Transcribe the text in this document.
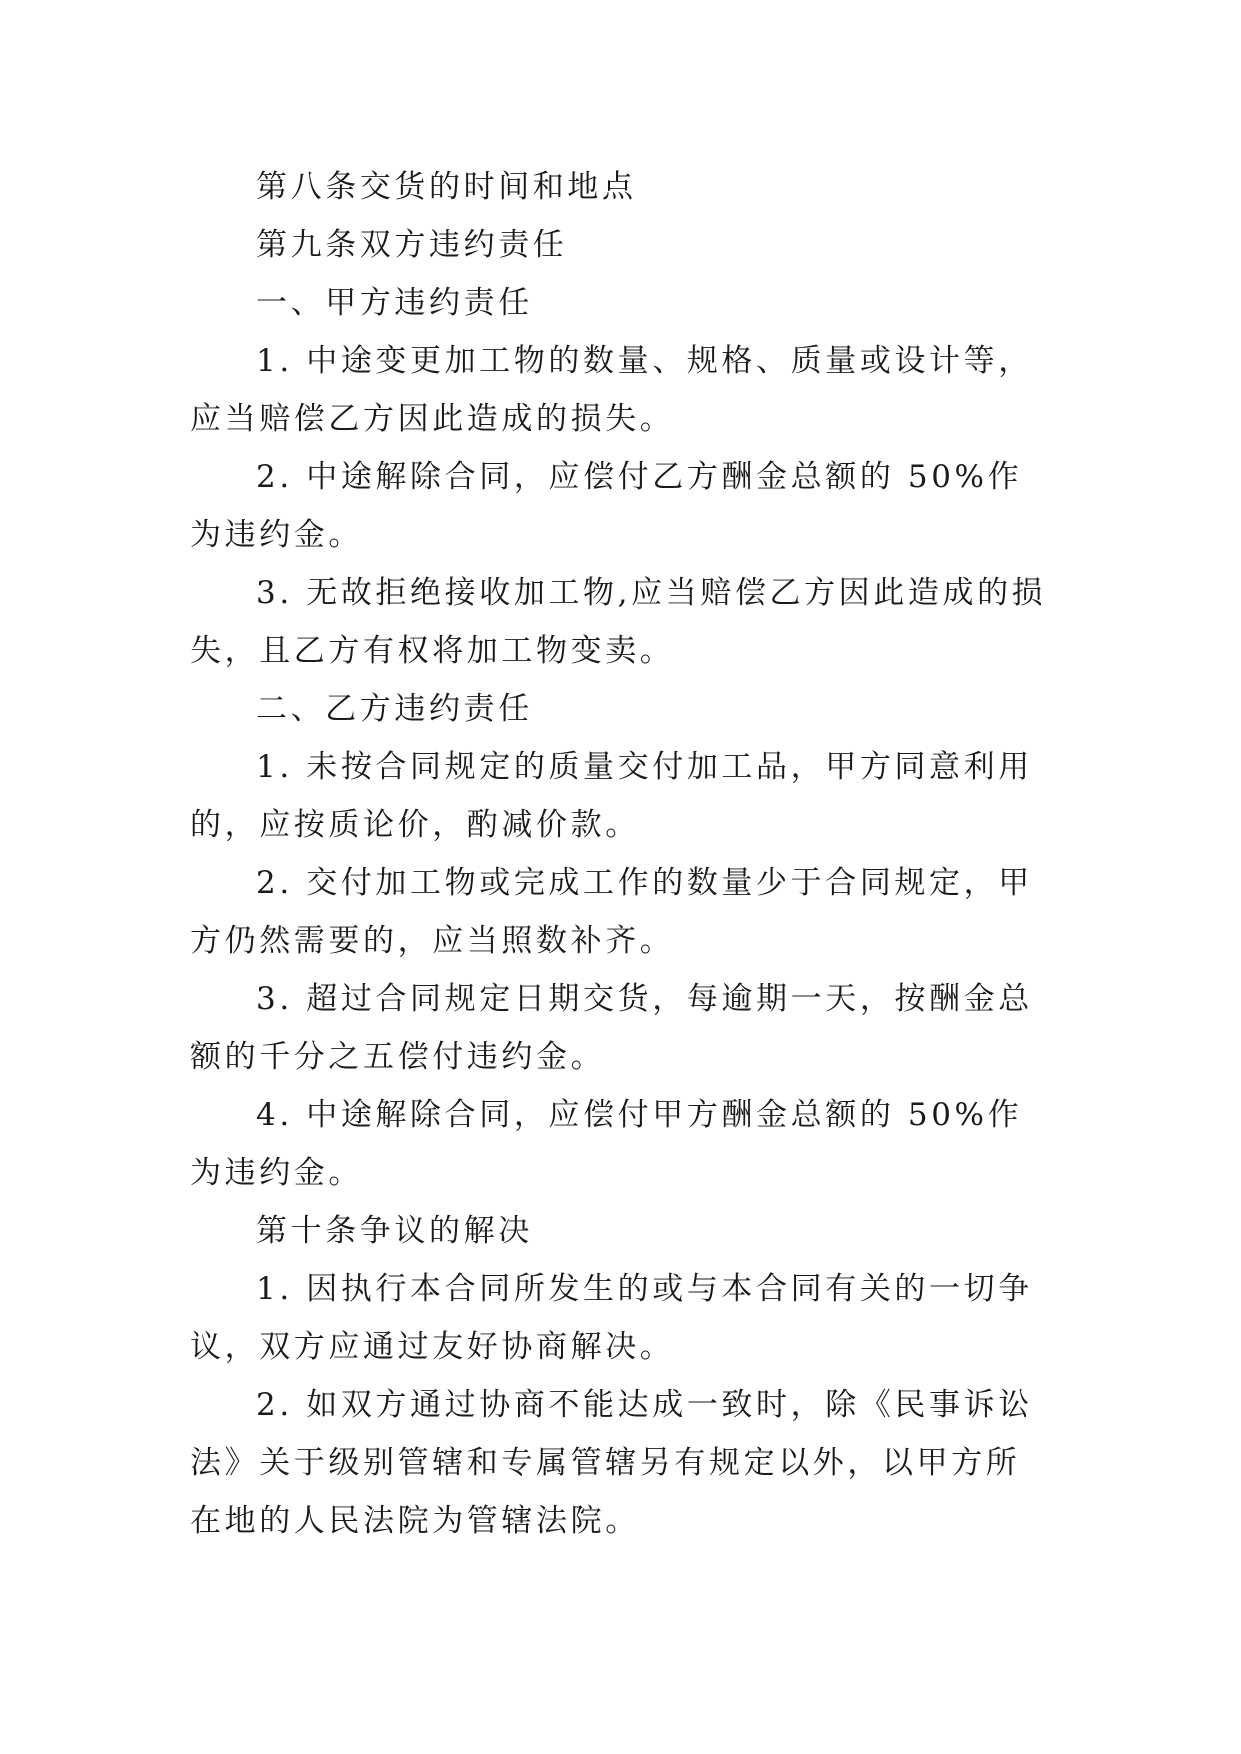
第八条交货的时间和地点

第九条双方违约责任

一、甲方违约责任

1. 中途变更加工物的数量、规格、质量或设计等，应当赔偿乙方因此造成的损失。

2. 中途解除合同，应偿付乙方酬金总额的 50%作为违约金。

3. 无故拒绝接收加工物,应当赔偿乙方因此造成的损失，且乙方有权将加工物变卖。

二、乙方违约责任

1. 未按合同规定的质量交付加工品，甲方同意利用的，应按质论价，酌减价款。

2. 交付加工物或完成工作的数量少于合同规定，甲方仍然需要的，应当照数补齐。

3. 超过合同规定日期交货，每逾期一天，按酬金总额的千分之五偿付违约金。

4. 中途解除合同，应偿付甲方酬金总额的 50%作为违约金。

第十条争议的解决

1. 因执行本合同所发生的或与本合同有关的一切争议，双方应通过友好协商解决。

2. 如双方通过协商不能达成一致时，除《民事诉讼法》关于级别管辖和专属管辖另有规定以外，以甲方所在地的人民法院为管辖法院。
